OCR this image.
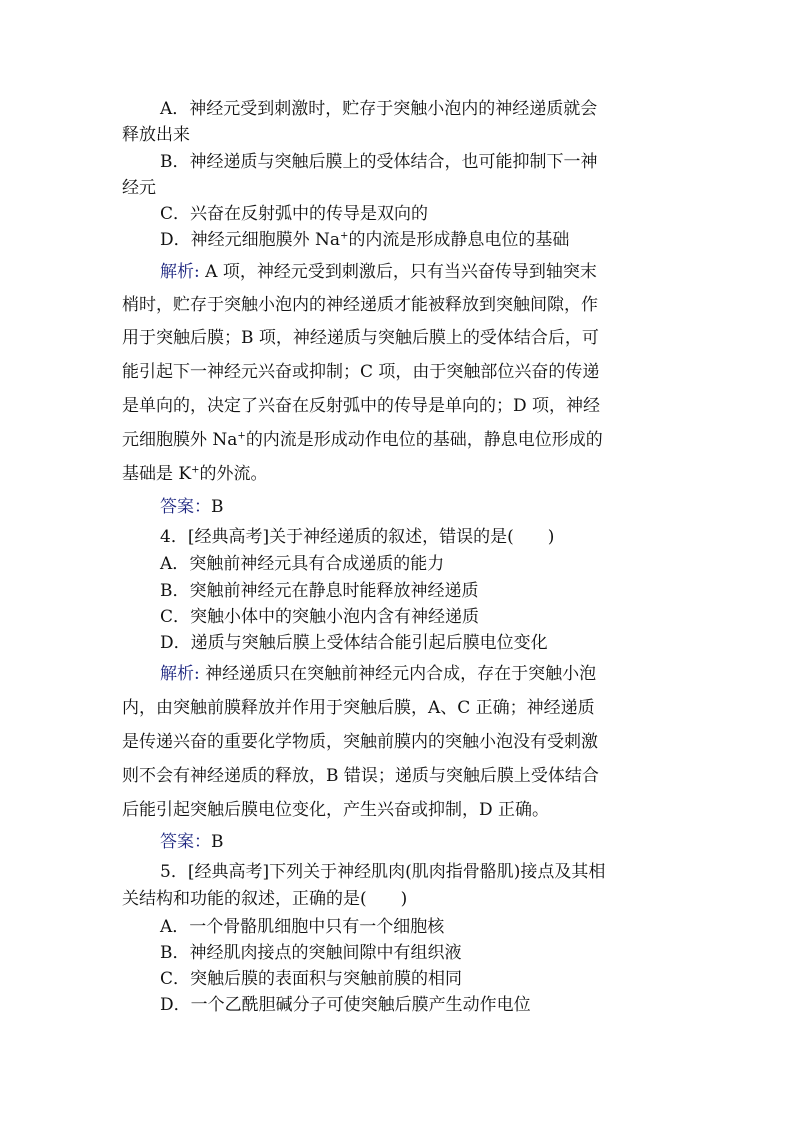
A．神经元受到刺激时，贮存于突触小泡内的神经递质就会
释放出来
B．神经递质与突触后膜上的受体结合，也可能抑制下一神
经元
C．兴奋在反射弧中的传导是双向的
D．神经元细胞膜外 Na+的内流是形成静息电位的基础
解析: A 项，神经元受到刺激后，只有当兴奋传导到轴突末
梢时，贮存于突触小泡内的神经递质才能被释放到突触间隙，作
用于突触后膜；B 项，神经递质与突触后膜上的受体结合后，可
能引起下一神经元兴奋或抑制；C 项，由于突触部位兴奋的传递
是单向的，决定了兴奋在反射弧中的传导是单向的；D 项，神经
元细胞膜外 Na+的内流是形成动作电位的基础，静息电位形成的
基础是 K+的外流。
答案：B
4．[经典高考]关于神经递质的叙述，错误的是(　　)
A．突触前神经元具有合成递质的能力
B．突触前神经元在静息时能释放神经递质
C．突触小体中的突触小泡内含有神经递质
D．递质与突触后膜上受体结合能引起后膜电位变化
解析: 神经递质只在突触前神经元内合成，存在于突触小泡
内，由突触前膜释放并作用于突触后膜，A、C 正确；神经递质
是传递兴奋的重要化学物质，突触前膜内的突触小泡没有受刺激
则不会有神经递质的释放，B 错误；递质与突触后膜上受体结合
后能引起突触后膜电位变化，产生兴奋或抑制，D 正确。
答案：B
5．[经典高考]下列关于神经肌肉(肌肉指骨骼肌)接点及其相
关结构和功能的叙述，正确的是(　　)
A．一个骨骼肌细胞中只有一个细胞核
B．神经肌肉接点的突触间隙中有组织液
C．突触后膜的表面积与突触前膜的相同
D．一个乙酰胆碱分子可使突触后膜产生动作电位
